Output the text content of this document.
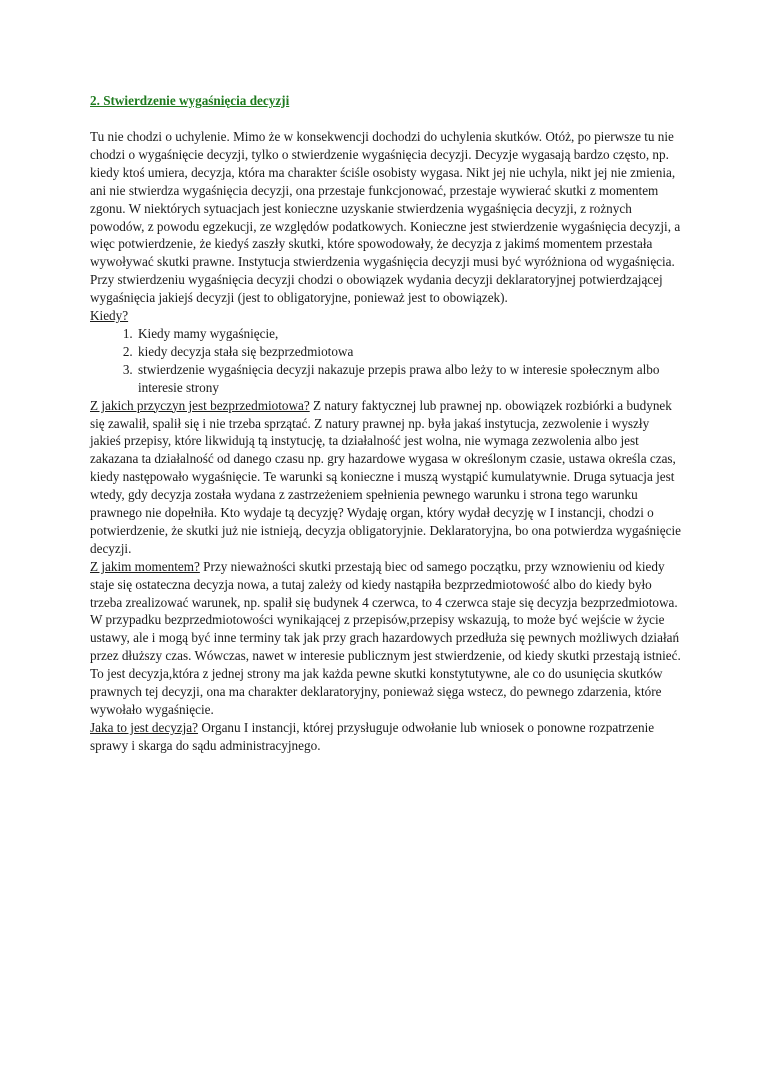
2. Stwierdzenie wygaśnięcia decyzji

Tu nie chodzi o uchylenie. Mimo że w konsekwencji dochodzi do uchylenia skutków. Otóż, po pierwsze tu nie chodzi o wygaśnięcie decyzji, tylko o stwierdzenie wygaśnięcia decyzji. Decyzje wygasają bardzo często, np. kiedy ktoś umiera, decyzja, która ma charakter ściśle osobisty wygasa. Nikt jej nie uchyla, nikt jej nie zmienia, ani nie stwierdza wygaśnięcia decyzji, ona przestaje funkcjonować, przestaje wywierać skutki z momentem zgonu. W niektórych sytuacjach jest konieczne uzyskanie stwierdzenia wygaśnięcia decyzji, z rożnych powodów, z powodu egzekucji, ze względów podatkowych. Konieczne jest stwierdzenie wygaśnięcia decyzji, a więc potwierdzenie, że kiedyś zaszły skutki, które spowodowały, że decyzja z jakimś momentem przestała wywoływać skutki prawne. Instytucja stwierdzenia wygaśnięcia decyzji musi być wyróżniona od wygaśnięcia. Przy stwierdzeniu wygaśnięcia decyzji chodzi o obowiązek wydania decyzji deklaratoryjnej potwierdzającej wygaśnięcia jakiejś decyzji (jest to obligatoryjne, ponieważ jest to obowiązek).

Kiedy?

1. Kiedy mamy wygaśnięcie,
2. kiedy decyzja stała się bezprzedmiotowa
3. stwierdzenie wygaśnięcia decyzji nakazuje przepis prawa albo leży to w interesie społecznym albo interesie strony

Z jakich przyczyn jest bezprzedmiotowa? Z natury faktycznej lub prawnej np. obowiązek rozbiórki a budynek się zawalił, spalił się i nie trzeba sprzątać. Z natury prawnej np. była jakaś instytucja, zezwolenie i wyszły jakieś przepisy, które likwidują tą instytucję, ta działalność jest wolna, nie wymaga zezwolenia albo jest zakazana ta działalność od danego czasu np. gry hazardowe wygasa w określonym czasie, ustawa określa czas, kiedy następowało wygaśnięcie. Te warunki są konieczne i muszą wystąpić kumulatywnie. Druga sytuacja jest wtedy, gdy decyzja została wydana z zastrzeżeniem spełnienia pewnego warunku i strona tego warunku prawnego nie dopełniła. Kto wydaje tą decyzję? Wydaję organ, który wydał decyzję w I instancji, chodzi o potwierdzenie, że skutki już nie istnieją, decyzja obligatoryjnie. Deklaratoryjna, bo ona potwierdza wygaśnięcie decyzji.

Z jakim momentem? Przy nieważności skutki przestają biec od samego początku, przy wznowieniu od kiedy staje się ostateczna decyzja nowa, a tutaj zależy od kiedy nastąpiła bezprzedmiotowość albo do kiedy było trzeba zrealizować warunek, np. spalił się budynek 4 czerwca, to 4 czerwca staje się decyzja bezprzedmiotowa. W przypadku bezprzedmiotowości wynikającej z przepisów,przepisy wskazują, to może być wejście w życie ustawy, ale i mogą być inne terminy tak jak przy grach hazardowych przedłuża się pewnych możliwych działań przez dłuższy czas. Wówczas, nawet w interesie publicznym jest stwierdzenie, od kiedy skutki przestają istnieć. To jest decyzja,która z jednej strony ma jak każda pewne skutki konstytutywne, ale co do usunięcia skutków prawnych tej decyzji, ona ma charakter deklaratoryjny, ponieważ sięga wstecz, do pewnego zdarzenia, które wywołało wygaśnięcie.

Jaka to jest decyzja? Organu I instancji, której przysługuje odwołanie lub wniosek o ponowne rozpatrzenie sprawy i skarga do sądu administracyjnego.
